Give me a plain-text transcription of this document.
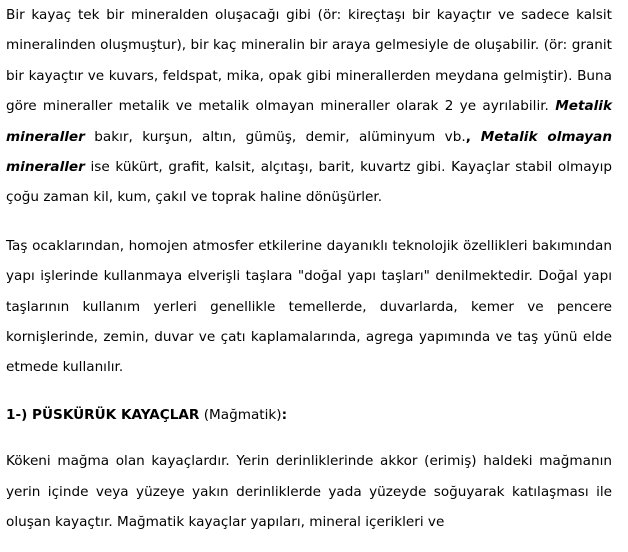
Bir kayaç tek bir mineralden oluşacağı gibi (ör: kireçtaşı bir kayaçtır ve sadece kalsit mineralinden oluşmuştur), bir kaç mineralin bir araya gelmesiyle de oluşabilir. (ör: granit bir kayaçtır ve kuvars, feldspat, mika, opak gibi minerallerden meydana gelmiştir). Buna göre mineraller metalik ve metalik olmayan mineraller olarak 2 ye ayrılabilir. Metalik mineraller bakır, kurşun, altın, gümüş, demir, alüminyum vb., Metalik olmayan mineraller ise kükürt, grafit, kalsit, alçıtaşı, barit, kuvartz gibi. Kayaçlar stabil olmayıp çoğu zaman kil, kum, çakıl ve toprak haline dönüşürler.

Taş ocaklarından, homojen atmosfer etkilerine dayanıklı teknolojik özellikleri bakımından yapı işlerinde kullanmaya elverişli taşlara "doğal yapı taşları" denilmektedir. Doğal yapı taşlarının kullanım yerleri genellikle temellerde, duvarlarda, kemer ve pencere kornişlerinde, zemin, duvar ve çatı kaplamalarında, agrega yapımında ve taş yünü elde etmede kullanılır.

1-) PÜSKÜRÜK KAYAÇLAR (Mağmatik):

Kökeni mağma olan kayaçlardır. Yerin derinliklerinde akkor (erimiş) haldeki mağmanın yerin içinde veya yüzeye yakın derinliklerde yada yüzeyde soğuyarak katılaşması ile oluşan kayaçtır. Mağmatik kayaçlar yapıları, mineral içerikleri ve
